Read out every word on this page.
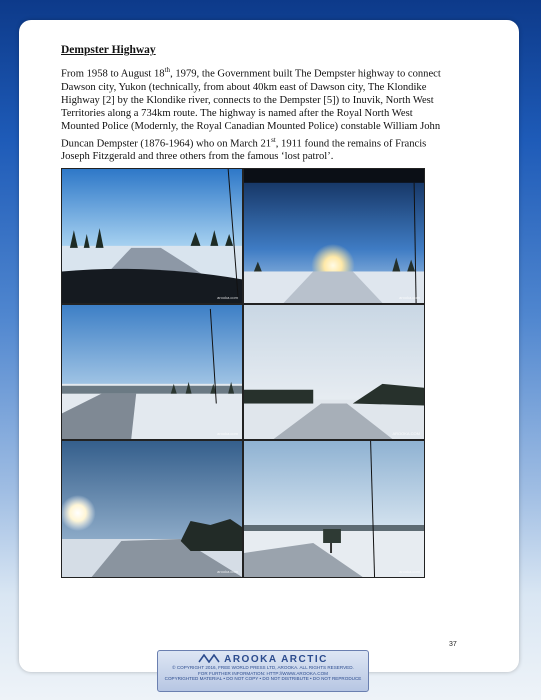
Dempster Highway
From 1958 to August 18th, 1979, the Government built The Dempster highway to connect Dawson city, Yukon (technically, from about 40km east of Dawson city, The Klondike Highway [2] by the Klondike river, connects to the Dempster [5]) to Inuvik, North West Territories along a 734km route. The highway is named after the Royal North West Mounted Police (Modernly, the Royal Canadian Mounted Police) constable William John Duncan Dempster (1876-1964) who on March 21st, 1911 found the remains of Francis Joseph Fitzgerald and three others from the famous ‘lost patrol’.
arooka.com	arooka.com
arooka.com	AROOKA.COM
arooka.com	arooka.com
37
AROOKA ARCTIC
© COPYRIGHT 2016, FREE WORLD PRESS LTD, AROOKA. ALL RIGHTS RESERVED.
FOR FURTHER INFORMATION: HTTP://WWW.AROOKA.COM
COPYRIGHTED MATERIAL • DO NOT COPY • DO NOT DISTRIBUTE • DO NOT REPRODUCE
